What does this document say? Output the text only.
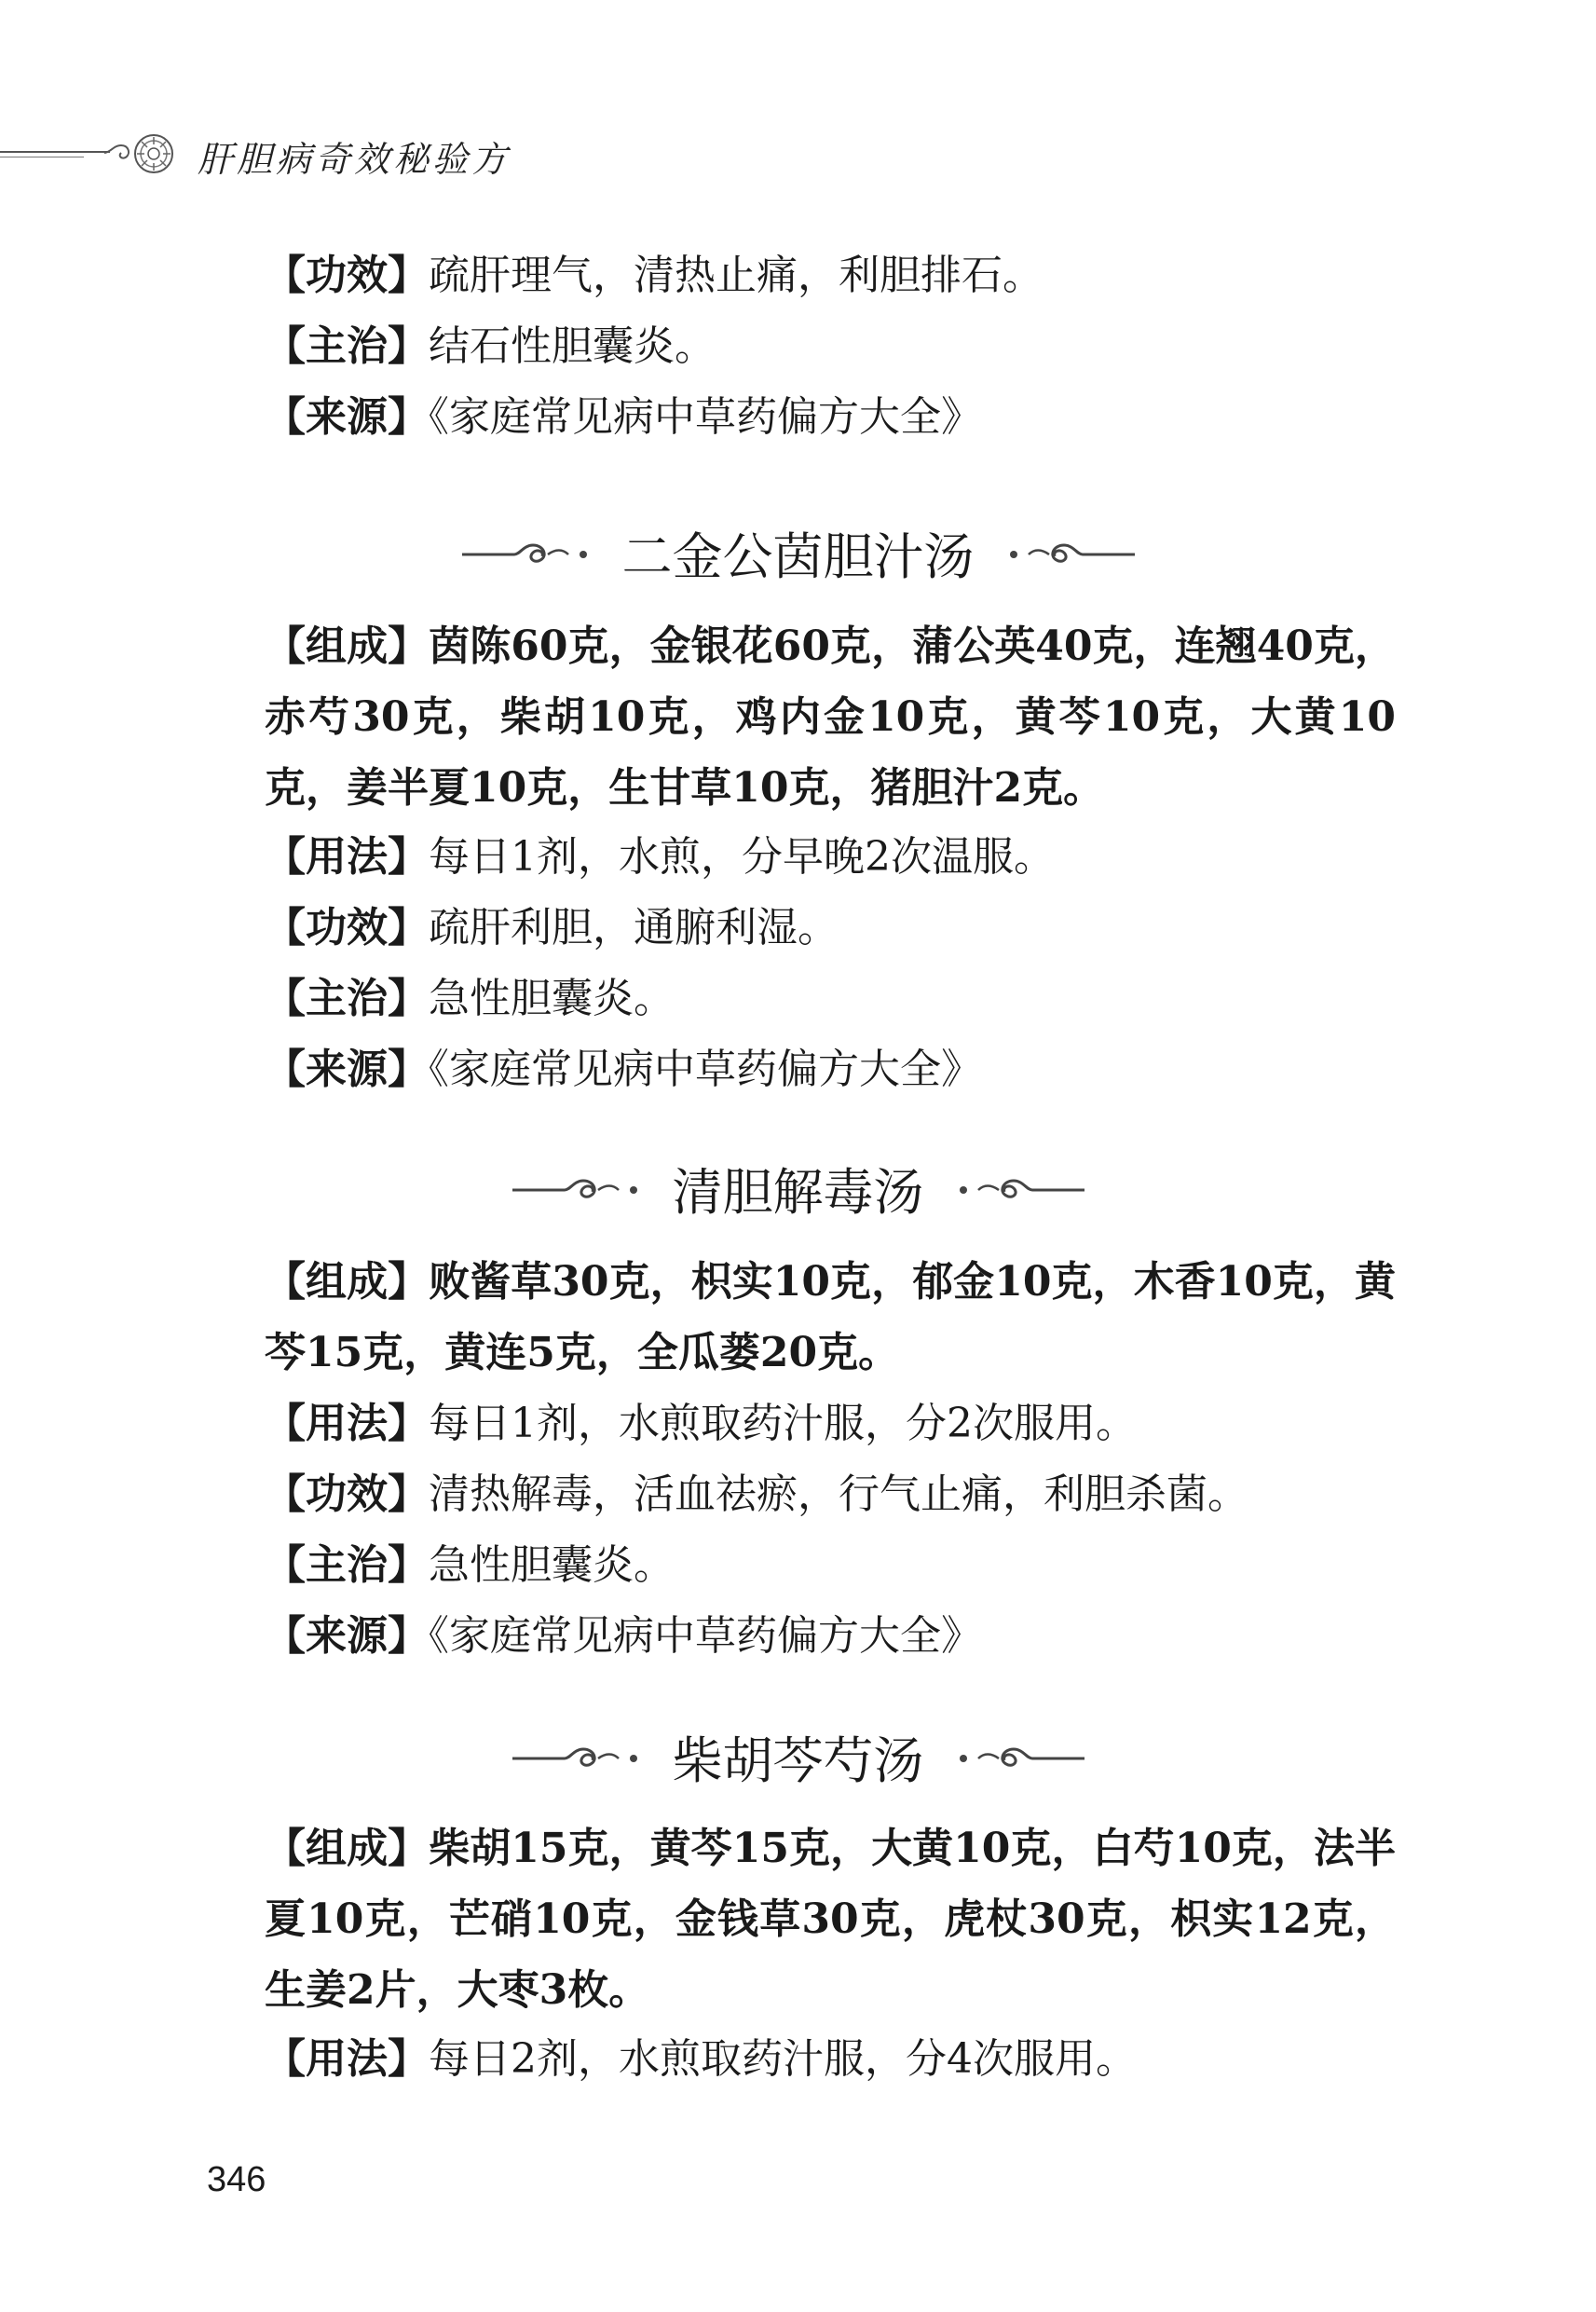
肝胆病奇效秘验方
【功效】疏肝理气，清热止痛，利胆排石。
【主治】结石性胆囊炎。
【来源】《家庭常见病中草药偏方大全》
【组成】茵陈60克，金银花60克，蒲公英40克，连翘40克，赤芍30克，柴胡10克，鸡内金10克，黄芩10克，大黄10克，姜半夏10克，生甘草10克，猪胆汁2克。
【用法】每日1剂，水煎，分早晚2次温服。
【功效】疏肝利胆，通腑利湿。
【主治】急性胆囊炎。
【来源】《家庭常见病中草药偏方大全》
【组成】败酱草30克，枳实10克，郁金10克，木香10克，黄芩15克，黄连5克，全瓜蒌20克。
【用法】每日1剂，水煎取药汁服，分2次服用。
【功效】清热解毒，活血祛瘀，行气止痛，利胆杀菌。
【主治】急性胆囊炎。
【来源】《家庭常见病中草药偏方大全》
【组成】柴胡15克，黄芩15克，大黄10克，白芍10克，法半夏10克，芒硝10克，金钱草30克，虎杖30克，枳实12克，生姜2片，大枣3枚。
【用法】每日2剂，水煎取药汁服，分4次服用。
二金公茵胆汁汤
清胆解毒汤
柴胡芩芍汤
346
